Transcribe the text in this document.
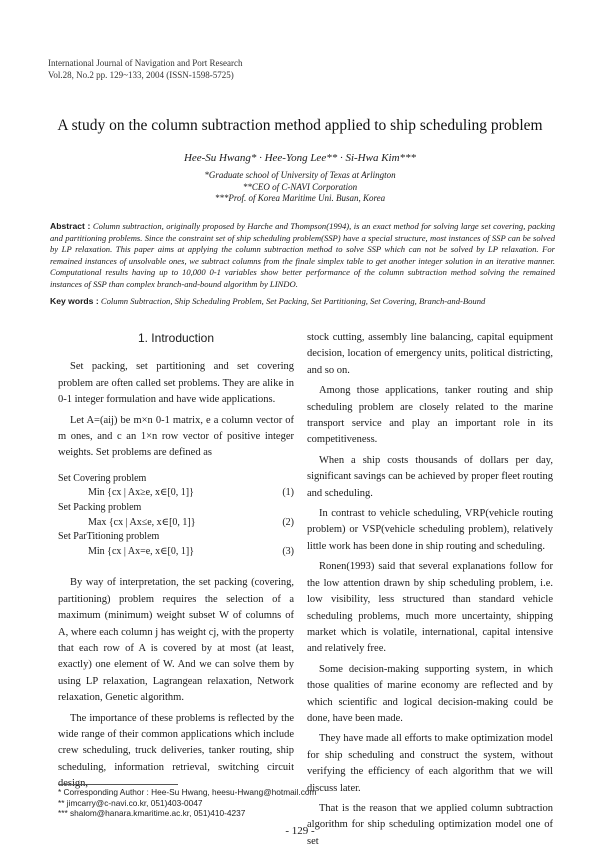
International Journal of Navigation and Port Research
Vol.28, No.2 pp. 129~133, 2004 (ISSN-1598-5725)
A study on the column subtraction method applied to ship scheduling problem
Hee-Su Hwang* · Hee-Yong Lee** · Si-Hwa Kim***
*Graduate school of University of Texas at Arlington
**CEO of C-NAVI Corporation
***Prof. of Korea Maritime Uni. Busan, Korea
Abstract : Column subtraction, originally proposed by Harche and Thompson(1994), is an exact method for solving large set covering, packing and partitioning problems. Since the constraint set of ship scheduling problem(SSP) have a special structure, most instances of SSP can be solved by LP relaxation. This paper aims at applying the column subtraction method to solve SSP which can not be solved by LP relaxation. For remained instances of unsolvable ones, we subtract columns from the finale simplex table to get another integer solution in an iterative manner. Computational results having up to 10,000 0-1 variables show better performance of the column subtraction method solving the remained instances of SSP than complex branch-and-bound algorithm by LINDO.
Key words : Column Subtraction, Ship Scheduling Problem, Set Packing, Set Partitioning, Set Covering, Branch-and-Bound
1. Introduction

Set packing, set partitioning and set covering problem are often called set problems. They are alike in 0-1 integer formulation and have wide applications.

Let A=(aij) be m×n 0-1 matrix, e a column vector of m ones, and c an 1×n row vector of positive integer weights. Set problems are defined as

Set Covering problem
Min {cx | Ax≥e, x∈[0, 1]}	(1)
Set Packing problem
Max {cx | Ax≤e, x∈[0, 1]}	(2)
Set ParTitioning problem
Min {cx | Ax=e, x∈[0, 1]}	(3)

By way of interpretation, the set packing (covering, partitioning) problem requires the selection of a maximum (minimum) weight subset W of columns of A, where each column j has weight cj, with the property that each row of A is covered by at most (at least, exactly) one element of W. And we can solve them by using LP relaxation, Lagrangean relaxation, Network relaxation, Genetic algorithm.

The importance of these problems is reflected by the wide range of their common applications which include crew scheduling, truck deliveries, tanker routing, ship scheduling, information retrieval, switching circuit design,

stock cutting, assembly line balancing, capital equipment decision, location of emergency units, political districting, and so on.

Among those applications, tanker routing and ship scheduling problem are closely related to the marine transport service and play an important role in its competitiveness.

When a ship costs thousands of dollars per day, significant savings can be achieved by proper fleet routing and scheduling.

In contrast to vehicle scheduling, VRP(vehicle routing problem) or VSP(vehicle scheduling problem), relatively little work has been done in ship routing and scheduling.

Ronen(1993) said that several explanations follow for the low attention drawn by ship scheduling problem, i.e. low visibility, less structured than standard vehicle scheduling problems, much more uncertainty, shipping market which is volatile, international, capital intensive and relatively free.

Some decision-making supporting system, in which those qualities of marine economy are reflected and by which scientific and logical decision-making could be done, have been made.

They have made all efforts to make optimization model for ship scheduling and construct the system, without verifying the efficiency of each algorithm that we will discuss later.

That is the reason that we applied column subtraction algorithm for ship scheduling optimization model one of set

* Corresponding Author : Hee-Su Hwang, heesu-Hwang@hotmail.com
** jimcarry@c-navi.co.kr, 051)403-0047
*** shalom@hanara.kmaritime.ac.kr, 051)410-4237
- 129 -
